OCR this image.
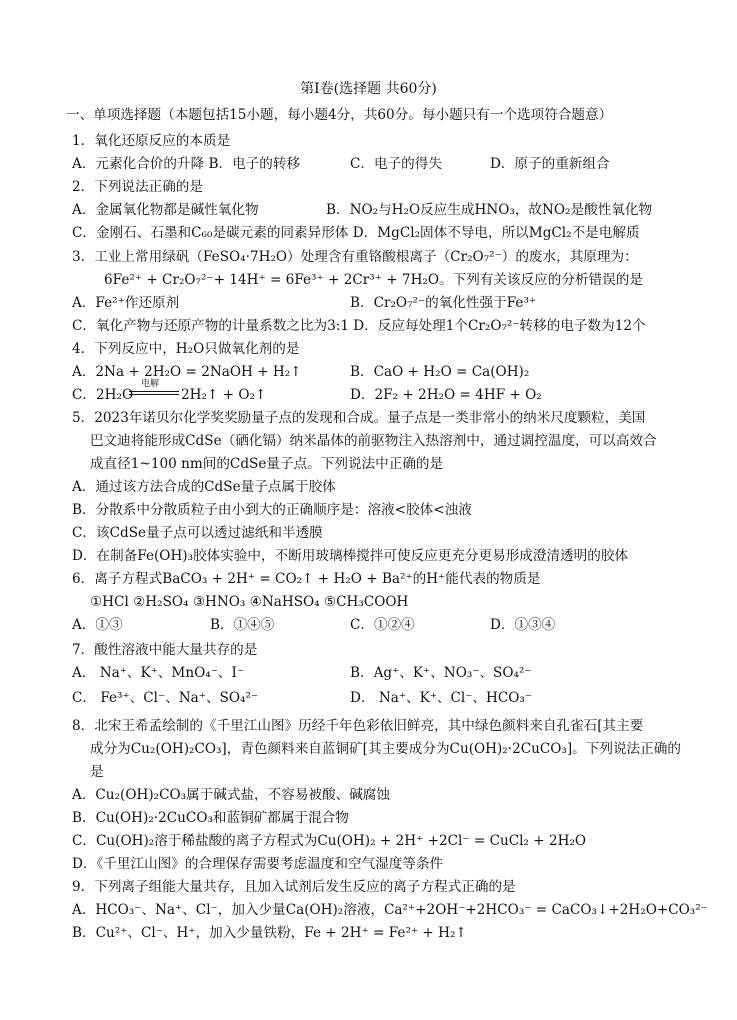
第Ⅰ卷(选择题 共60分)
一、单项选择题（本题包括15小题，每小题4分，共60分。每小题只有一个选项符合题意）
1．氧化还原反应的本质是
A．元素化合价的升降 B．电子的转移	C．电子的得失	D．原子的重新组合
2．下列说法正确的是
A．金属氧化物都是碱性氧化物	B．NO₂与H₂O反应生成HNO₃，故NO₂是酸性氧化物
C．金刚石、石墨和C₆₀是碳元素的同素异形体 D．MgCl₂固体不导电，所以MgCl₂不是电解质
3．工业上常用绿矾（FeSO₄·7H₂O）处理含有重铬酸根离子（Cr₂O₇²⁻）的废水，其原理为：
6Fe²⁺ + Cr₂O₇²⁻+ 14H⁺ = 6Fe³⁺ + 2Cr³⁺ + 7H₂O。下列有关该反应的分析错误的是
A．Fe²⁺作还原剂	B．Cr₂O₇²⁻的氧化性强于Fe³⁺
C．氧化产物与还原产物的计量系数之比为3:1 D．反应每处理1个Cr₂O₇²⁻转移的电子数为12个
4．下列反应中，H₂O只做氧化剂的是
A．2Na + 2H₂O = 2NaOH + H₂↑	B．CaO + H₂O = Ca(OH)₂
C．2H₂O
电解
2H₂↑ + O₂↑	D．2F₂ + 2H₂O = 4HF + O₂
5．2023年诺贝尔化学奖奖励量子点的发现和合成。量子点是一类非常小的纳米尺度颗粒，美国
巴文迪将能形成CdSe（硒化镉）纳米晶体的前驱物注入热溶剂中，通过调控温度，可以高效合
成直径1~100 nm间的CdSe量子点。下列说法中正确的是
A．通过该方法合成的CdSe量子点属于胶体
B．分散系中分散质粒子由小到大的正确顺序是：溶液<胶体<浊液
C．该CdSe量子点可以透过滤纸和半透膜
D．在制备Fe(OH)₃胶体实验中，不断用玻璃棒搅拌可使反应更充分更易形成澄清透明的胶体
6．离子方程式BaCO₃ + 2H⁺ = CO₂↑ + H₂O + Ba²⁺的H⁺能代表的物质是
①HCl ②H₂SO₄ ③HNO₃ ④NaHSO₄ ⑤CH₃COOH
A．①③	B．①④⑤	C．①②④	D．①③④
7．酸性溶液中能大量共存的是
A． Na⁺、K⁺、MnO₄⁻、I⁻	B．Ag⁺、K⁺、NO₃⁻、SO₄²⁻
C． Fe³⁺、Cl⁻、Na⁺、SO₄²⁻	D． Na⁺、K⁺、Cl⁻、HCO₃⁻
8．北宋王希孟绘制的《千里江山图》历经千年色彩依旧鲜亮，其中绿色颜料来自孔雀石[其主要
成分为Cu₂(OH)₂CO₃]，青色颜料来自蓝铜矿[其主要成分为Cu(OH)₂·2CuCO₃]。下列说法正确的
是
A．Cu₂(OH)₂CO₃属于碱式盐，不容易被酸、碱腐蚀
B．Cu(OH)₂·2CuCO₃和蓝铜矿都属于混合物
C．Cu(OH)₂溶于稀盐酸的离子方程式为Cu(OH)₂ + 2H⁺ +2Cl⁻ = CuCl₂ + 2H₂O
D．《千里江山图》的合理保存需要考虑温度和空气湿度等条件
9．下列离子组能大量共存，且加入试剂后发生反应的离子方程式正确的是
A．HCO₃⁻、Na⁺、Cl⁻，加入少量Ca(OH)₂溶液，Ca²⁺+2OH⁻+2HCO₃⁻ = CaCO₃↓+2H₂O+CO₃²⁻
B．Cu²⁺、Cl⁻、H⁺，加入少量铁粉，Fe + 2H⁺ = Fe²⁺ + H₂↑
